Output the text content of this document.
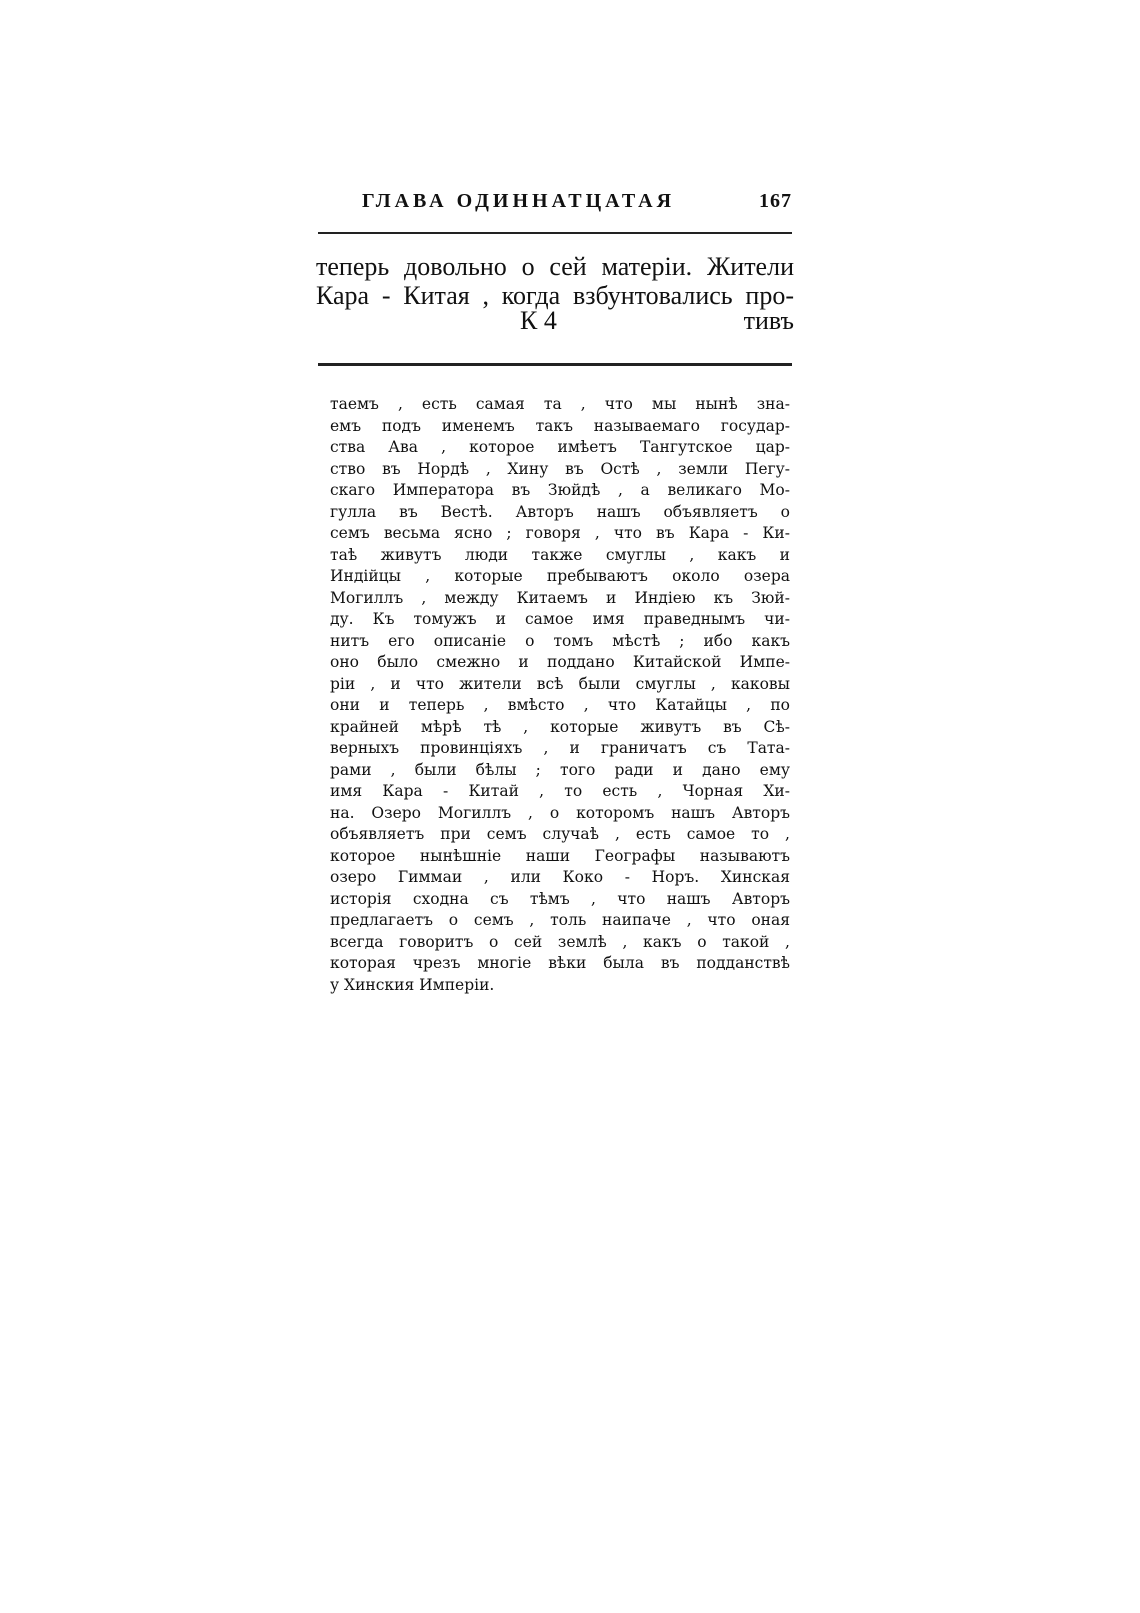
ГЛАВА ОДИННАТЦАТАЯ	167
теперь довольно о сей матерiи. Жители
Кара - Китая , когда взбунтовались про-
К 4	тивъ
таемъ , есть самая та , что мы нынѣ зна-
емъ подъ имeнемъ такъ называемаго государ-
ства Ава , которое имѣетъ Тангутское цар-
ство въ Нордѣ , Хину въ Остѣ , земли Пегу-
скаго Императора въ Зюйдѣ , а великаго Мо-
гулла въ Вестѣ. Авторъ нашъ объявляетъ о
семъ весьма ясно ; говоря , что въ Кара - Ки-
таѣ живутъ люди также смуглы , какъ и
Индiйцы , которые пребываютъ около озера
Могиллъ , между Китаемъ и Индiею къ Зюй-
ду. Къ томужъ и самое имя праведнымъ чи-
нитъ его описанiе о томъ мѣстѣ ; ибо какъ
оно было смежно и поддано Китайской Импе-
рiи , и что жители всѣ были смуглы , каковы
они и теперь , вмѣсто , что Катайцы , по
крайней мѣрѣ тѣ , которые живутъ въ Сѣ-
верныхъ провинцiяхъ , и граничатъ съ Тата-
рами , были бѣлы ; того ради и дано ему
имя Кара - Китай , то есть , Чорная Хи-
на. Озеро Могиллъ , о которомъ нашъ Авторъ
объявляетъ при семъ случаѣ , есть самое то ,
которое нынѣшнiе наши Географы называютъ
озеро Гиммаи , или Коко - Норъ. Хинская
исторiя сходна съ тѣмъ , что нашъ Авторъ
предлагаетъ о семъ , толь наипаче , что оная
всегда говоритъ о сей землѣ , какъ о такой ,
которая чрезъ многiе вѣки была въ подданствѣ
у Хинския Имперiи.
